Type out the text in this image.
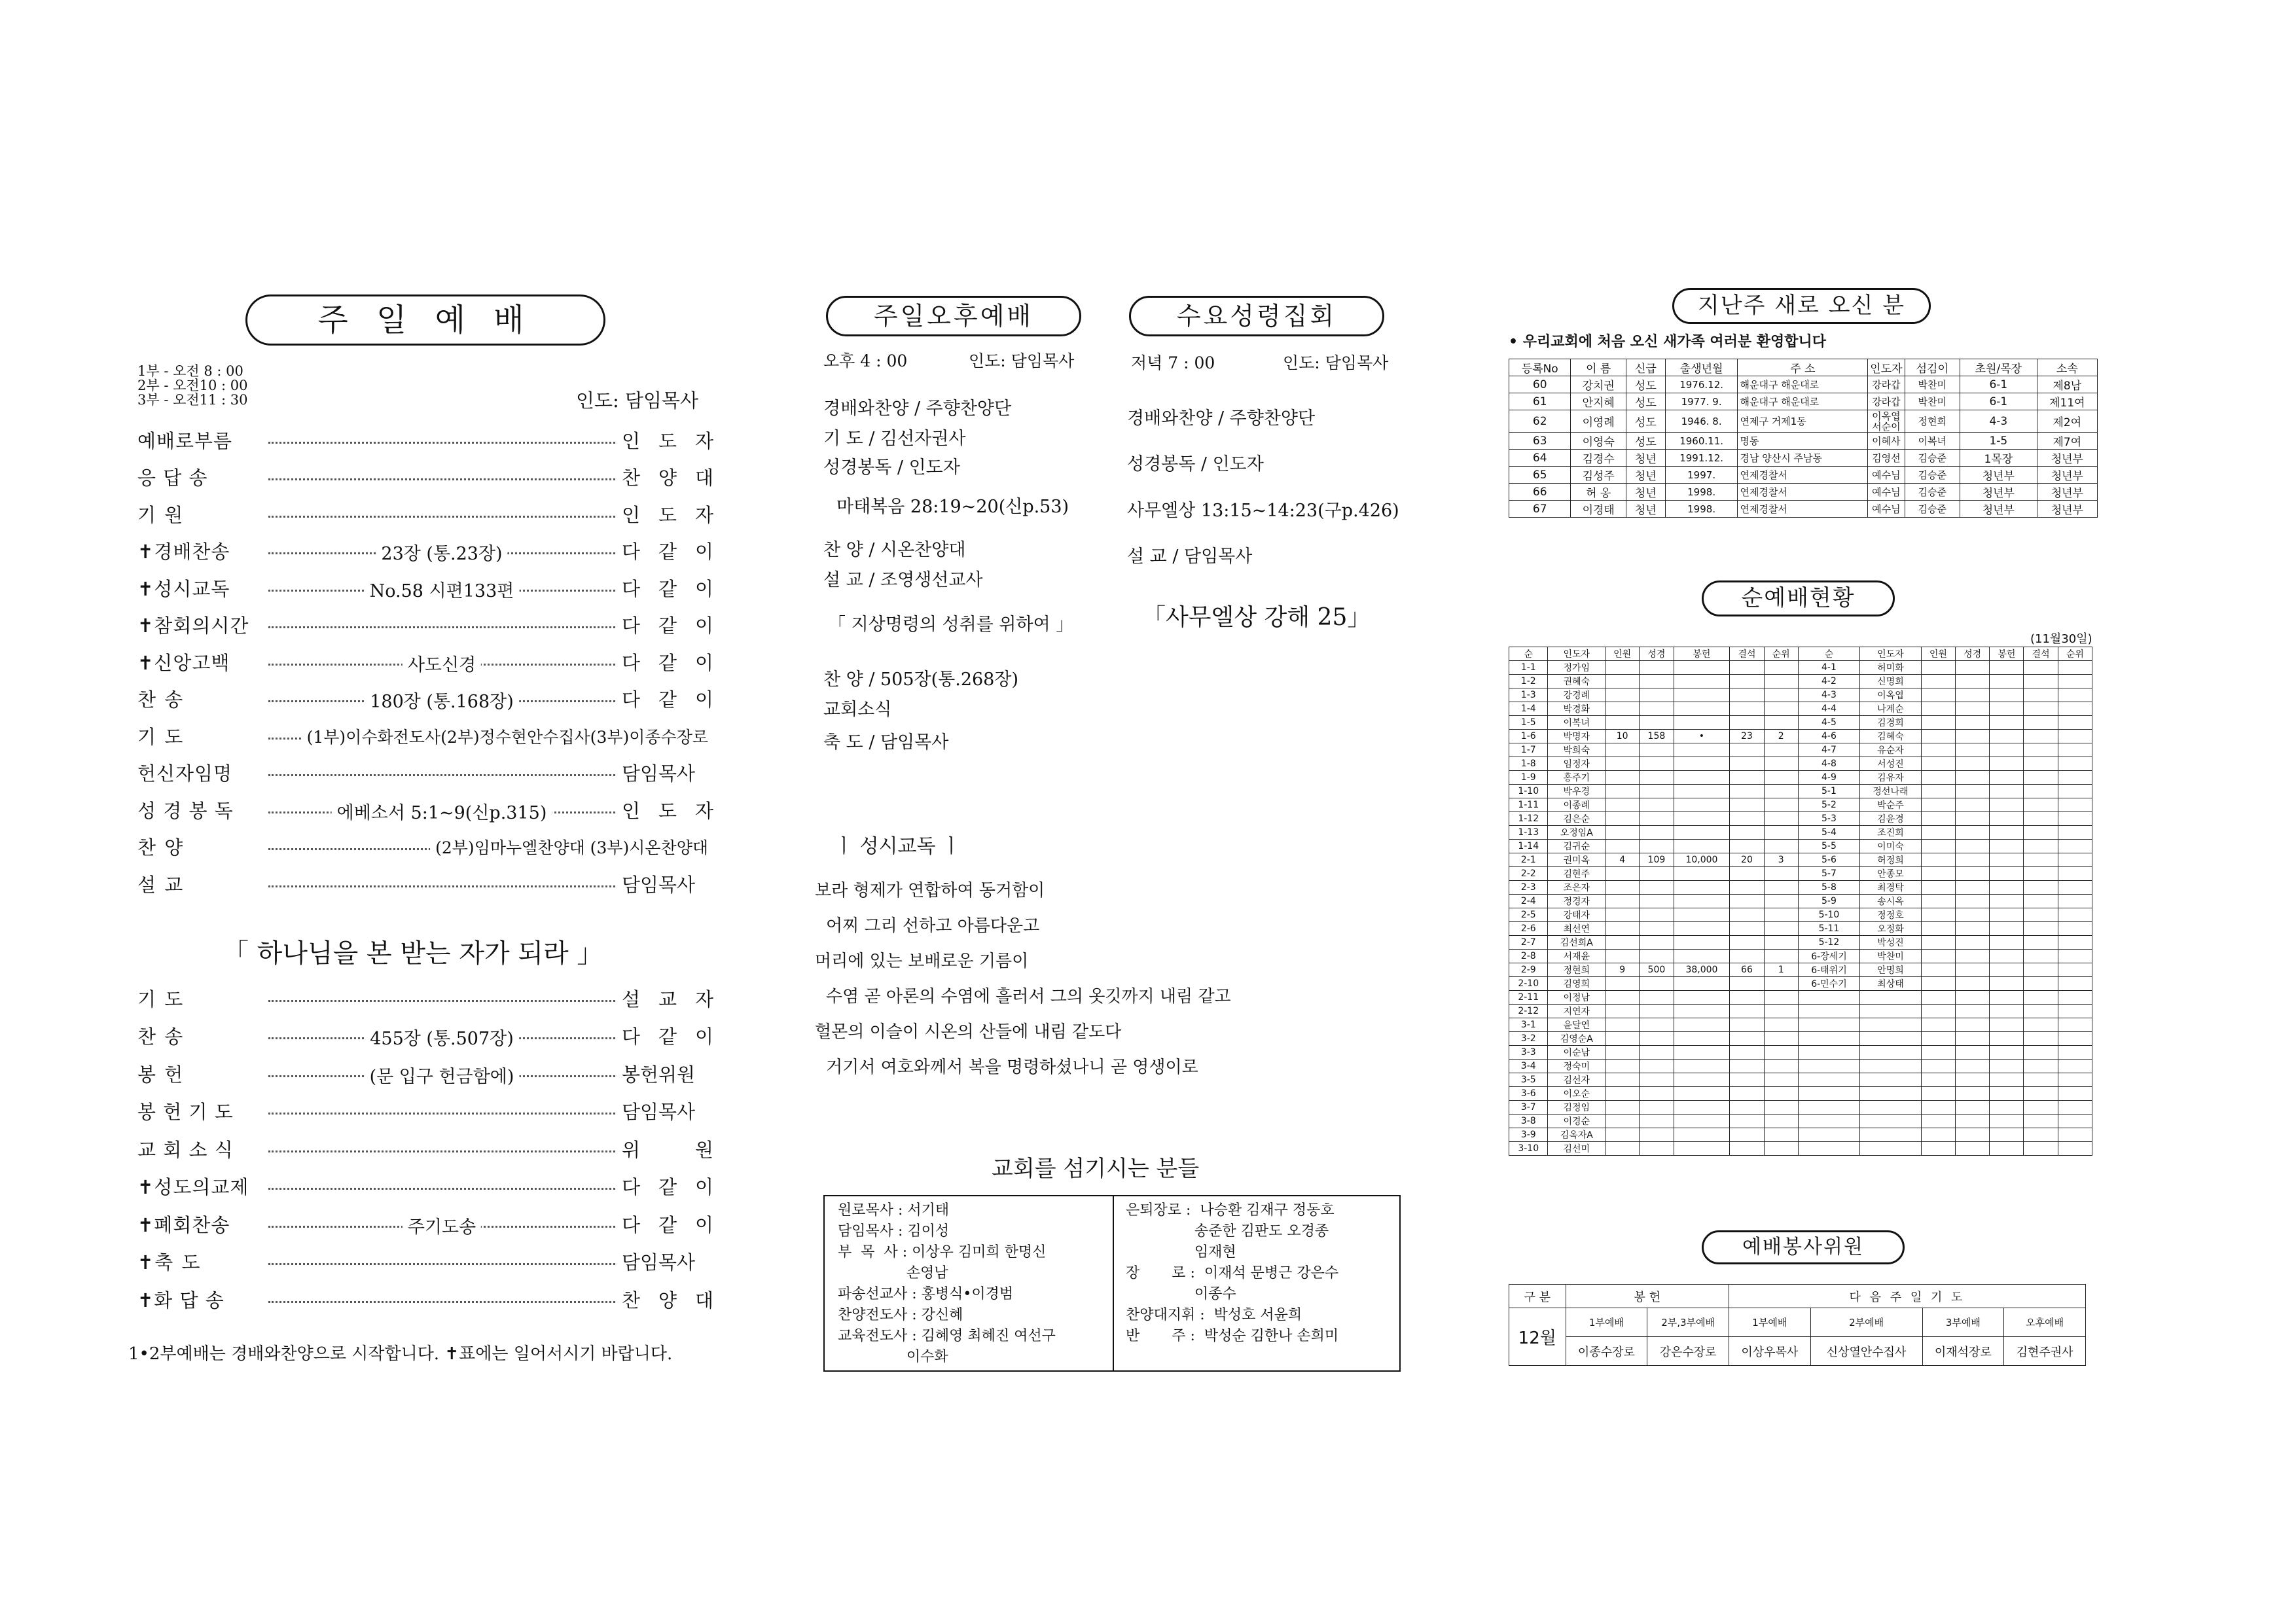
주 일 예 배
1부 - 오전 8 : 00
2부 - 오전10 : 00
3부 - 오전11 : 30	인도: 담임목사
예배로부름	인 도 자
응 답 송	찬 양 대
기 원	인 도 자
✝경배찬송	23장 (통.23장)	다 같 이
✝성시교독	No.58 시편133편	다 같 이
✝참회의시간	다 같 이
✝신앙고백	사도신경	다 같 이
찬 송	180장 (통.168장)	다 같 이
기 도	(1부)이수화전도사(2부)정수현안수집사(3부)이종수장로
헌신자임명	담임목사
성 경 봉 독	에베소서 5:1~9(신p.315)	인 도 자
찬 양	(2부)임마누엘찬양대 (3부)시온찬양대
설 교	담임목사
「 하나님을 본 받는 자가 되라 」
기 도	설 교 자
찬 송	455장 (통.507장)	다 같 이
봉 헌	(문 입구 헌금함에)	봉헌위원
봉 헌 기 도	담임목사
교 회 소 식	위 원
✝성도의교제	다 같 이
✝폐회찬송	주기도송	다 같 이
✝축 도	담임목사
✝화 답 송	찬 양 대
1•2부예배는 경배와찬양으로 시작합니다. ✝표에는 일어서시기 바랍니다.
주일오후예배	수요성령집회
오후 4 : 00	인도: 담임목사	저녁 7 : 00	인도: 담임목사
경배와찬양 / 주향찬양단
기 도 / 김선자권사
성경봉독 / 인도자
마태복음 28:19~20(신p.53)
찬 양 / 시온찬양대
설 교 / 조영생선교사
「 지상명령의 성취를 위하여 」
찬 양 / 505장(통.268장)
교회소식
축 도 / 담임목사
경배와찬양 / 주향찬양단
성경봉독 / 인도자
사무엘상 13:15~14:23(구p.426)
설 교 / 담임목사
「사무엘상 강해 25」
ㅣ 성시교독 ㅣ
보라 형제가 연합하여 동거함이
어찌 그리 선하고 아름다운고
머리에 있는 보배로운 기름이
수염 곧 아론의 수염에 흘러서 그의 옷깃까지 내림 같고
헐몬의 이슬이 시온의 산들에 내림 같도다
거기서 여호와께서 복을 명령하셨나니 곧 영생이로
교회를 섬기시는 분들
원로목사 : 서기태
담임목사 : 김이성
부  목  사 : 이상우 김미희 한명신
손영남
파송선교사 : 홍병식•이경범
찬양전도사 : 강신혜
교육전도사 : 김혜영 최혜진 여선구
이수화
은퇴장로 :  나승환 김재구 정동호
송준한 김판도 오경종
임재현
장       로 :  이재석 문병근 강은수
이종수
찬양대지휘 :  박성호 서윤희
반       주 :  박성순 김한나 손희미
지난주 새로 오신 분
• 우리교회에 처음 오신 새가족 여러분 환영합니다
등록No	이 름	신급	출생년월	주 소	인도자	섬김이	초원/목장	소속
60	강치권	성도	1976.12.	해운대구 해운대로	강라갑	박찬미	6-1	제8남
61	안지혜	성도	1977. 9.	해운대구 해운대로	강라갑	박찬미	6-1	제11여
62	이영례	성도	1946. 8.	연제구 거제1동	이옥엽 서순이	정현희	4-3	제2여
63	이영숙	성도	1960.11.	명동	이혜사	이복녀	1-5	제7여
64	김경수	청년	1991.12.	경남 양산시 주남동	김영선	김승준	1목장	청년부
65	김성주	청년	1997.	연제경찰서	예수님	김승준	청년부	청년부
66	허 옹	청년	1998.	연제경찰서	예수님	김승준	청년부	청년부
67	이경태	청년	1998.	연제경찰서	예수님	김승준	청년부	청년부
순예배현황
(11월30일)
순	인도자	인원	성경	봉헌	결석	순위	순	인도자	인원	성경	봉헌	결석	순위
1-1	정가임						4-1	허미화					
1-2	권혜숙						4-2	신명희					
1-3	강경례						4-3	이옥엽					
1-4	박경화						4-4	나계순					
1-5	이복녀						4-5	김경희					
1-6	박명자	10	158	•	23	2	4-6	김혜숙					
1-7	박희숙						4-7	유순자					
1-8	임정자						4-8	서성진					
1-9	홍주기						4-9	김유자					
1-10	박우경						5-1	정선나래					
1-11	이종례						5-2	박순주					
1-12	김은순						5-3	김윤경					
1-13	오정임A						5-4	조진희					
1-14	김귀순						5-5	이미숙					
2-1	권미옥	4	109	10,000	20	3	5-6	허정희					
2-2	김현주						5-7	안종모					
2-3	조은자						5-8	최경탁					
2-4	정경자						5-9	송시옥					
2-5	강태자						5-10	정정호					
2-6	최선연						5-11	오정화					
2-7	김선희A						5-12	박성진					
2-8	서재윤						6-장세기	박찬미					
2-9	정현희	9	500	38,000	66	1	6-태위기	안명희					
2-10	김영희						6-민수기	최상태					
2-11	이정남												
2-12	지연자												
3-1	윤달연												
3-2	김영순A												
3-3	이순남												
3-4	정숙미												
3-5	김선자												
3-6	이오순												
3-7	김정임												
3-8	이경순												
3-9	김옥자A												
3-10	김선미												
예배봉사위원
구 분	봉 헌		다 음 주 일 기 도			
12월	1부예배	2부,3부예배	1부예배	2부예배	3부예배	오후예배
	이종수장로	강은수장로	이상우목사	신상열안수집사	이재석장로	김현주권사
